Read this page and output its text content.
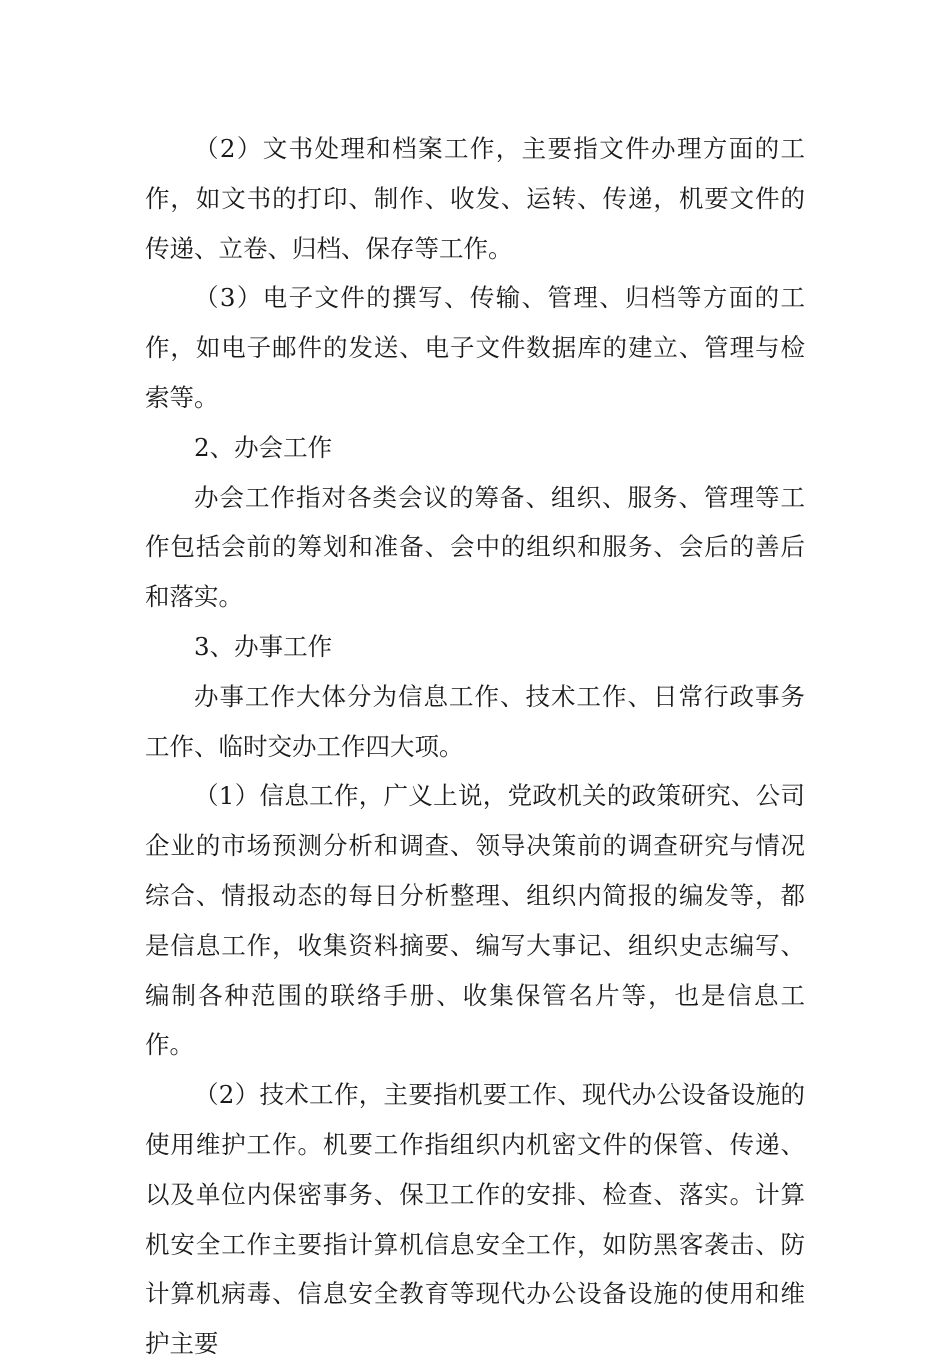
（2）文书处理和档案工作，主要指文件办理方面的工作，如文书的打印、制作、收发、运转、传递，机要文件的传递、立卷、归档、保存等工作。

（3）电子文件的撰写、传输、管理、归档等方面的工作，如电子邮件的发送、电子文件数据库的建立、管理与检索等。

2、办会工作

办会工作指对各类会议的筹备、组织、服务、管理等工作包括会前的筹划和准备、会中的组织和服务、会后的善后和落实。

3、办事工作

办事工作大体分为信息工作、技术工作、日常行政事务工作、临时交办工作四大项。

（1）信息工作，广义上说，党政机关的政策研究、公司企业的市场预测分析和调查、领导决策前的调查研究与情况综合、情报动态的每日分析整理、组织内简报的编发等，都是信息工作，收集资料摘要、编写大事记、组织史志编写、编制各种范围的联络手册、收集保管名片等，也是信息工作。

（2）技术工作，主要指机要工作、现代办公设备设施的使用维护工作。机要工作指组织内机密文件的保管、传递、以及单位内保密事务、保卫工作的安排、检查、落实。计算机安全工作主要指计算机信息安全工作，如防黑客袭击、防计算机病毒、信息安全教育等现代办公设备设施的使用和维护主要
